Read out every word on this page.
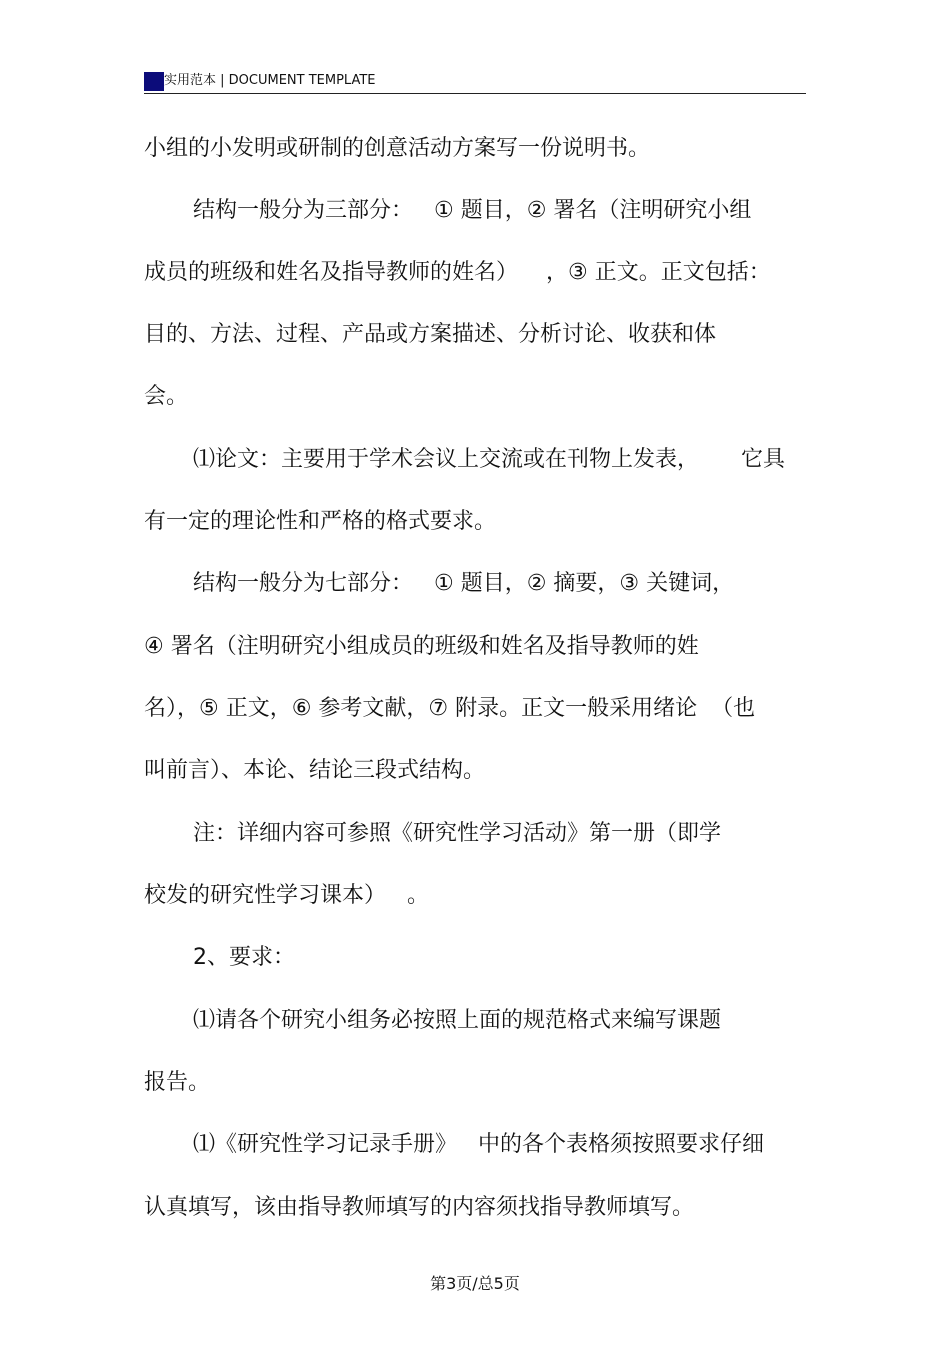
实用范本 | DOCUMENT TEMPLATE
小组的小发明或研制的创意活动方案写一份说明书。
结构一般分为三部分：   ① 题目，② 署名（注明研究小组
成员的班级和姓名及指导教师的姓名）    ，③ 正文。正文包括：
目的、方法、过程、产品或方案描述、分析讨论、收获和体
会。
⑴论文：主要用于学术会议上交流或在刊物上发表，      它具
有一定的理论性和严格的格式要求。
结构一般分为七部分：   ① 题目，② 摘要，③ 关键词，
④ 署名（注明研究小组成员的班级和姓名及指导教师的姓
名），⑤ 正文，⑥ 参考文献，⑦ 附录。正文一般采用绪论  （也
叫前言）、本论、结论三段式结构。
注：详细内容可参照《研究性学习活动》第一册（即学
校发的研究性学习课本）   。
2、要求：
⑴请各个研究小组务必按照上面的规范格式来编写课题
报告。
⑴《研究性学习记录手册》   中的各个表格须按照要求仔细
认真填写，该由指导教师填写的内容须找指导教师填写。
第3页/总5页
